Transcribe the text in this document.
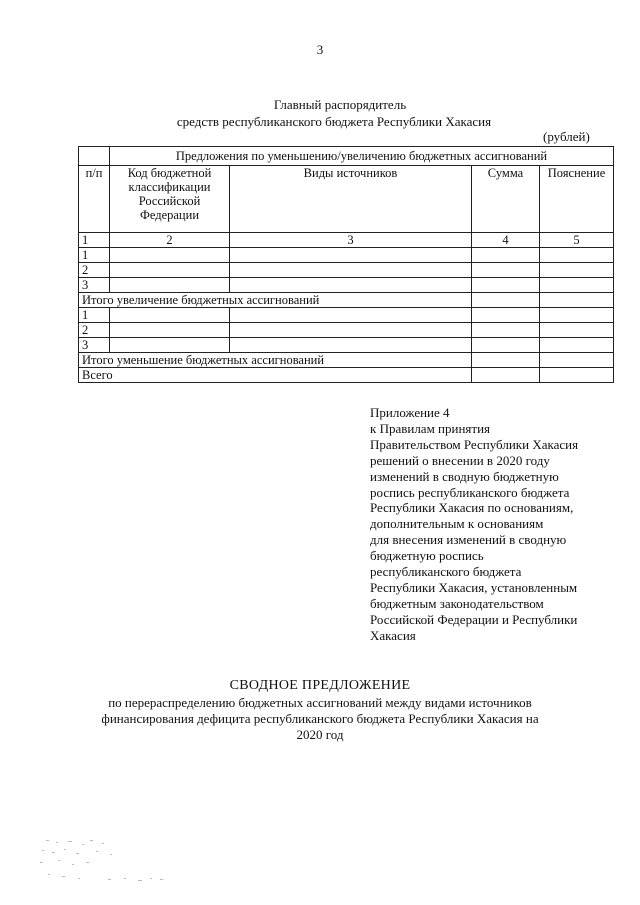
3
Главный распорядитель
средств республиканского бюджета Республики Хакасия
(рублей)
	Предложения по уменьшению/увеличению бюджетных ассигнований			
п/п	Код бюджетной классификации Российской Федерации	Виды источников	Сумма	Пояснение
1	2	3	4	5
1				
2				
3				
Итого увеличение бюджетных ассигнований				
1				
2				
3				
Итого уменьшение бюджетных ассигнований				
Всего				
Приложение 4
к Правилам принятия
Правительством Республики Хакасия
решений о внесении в 2020 году
изменений в сводную бюджетную
роспись республиканского бюджета
Республики Хакасия по основаниям,
дополнительным к основаниям
для внесения изменений в сводную
бюджетную роспись
республиканского бюджета
Республики Хакасия, установленным
бюджетным законодательством
Российской Федерации и Республики
Хакасия
СВОДНОЕ ПРЕДЛОЖЕНИЕ
по перераспределению бюджетных ассигнований между видами источников
финансирования дефицита республиканского бюджета Республики Хакасия на
2020 год
